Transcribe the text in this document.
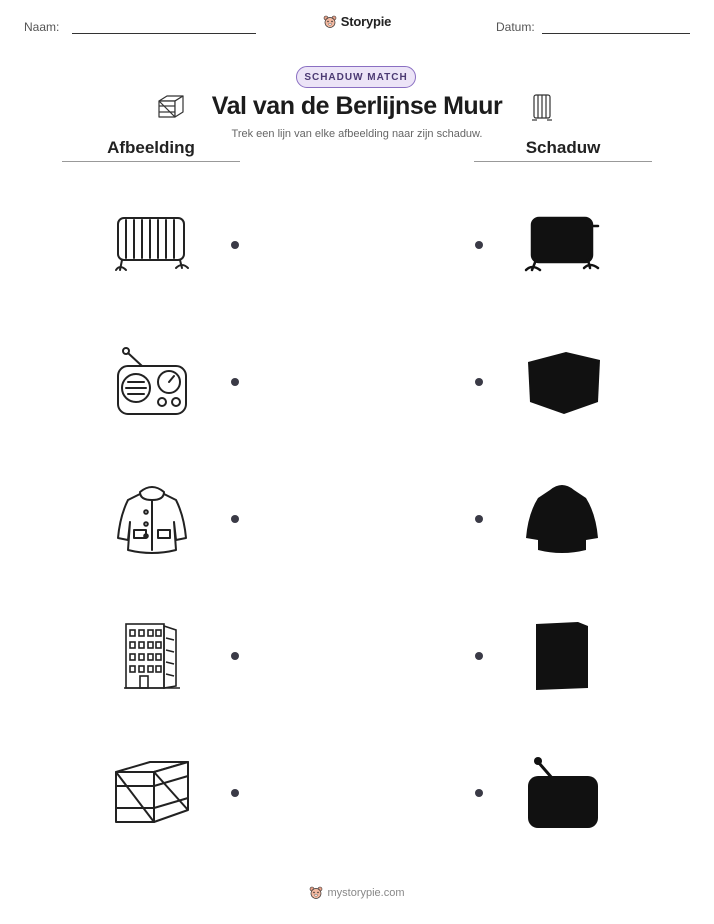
Naam:	Storypie	Datum:
SCHADUW MATCH
Val van de Berlijnse Muur
Trek een lijn van elke afbeelding naar zijn schaduw.
Afbeelding	Schaduw
mystorypie.com
